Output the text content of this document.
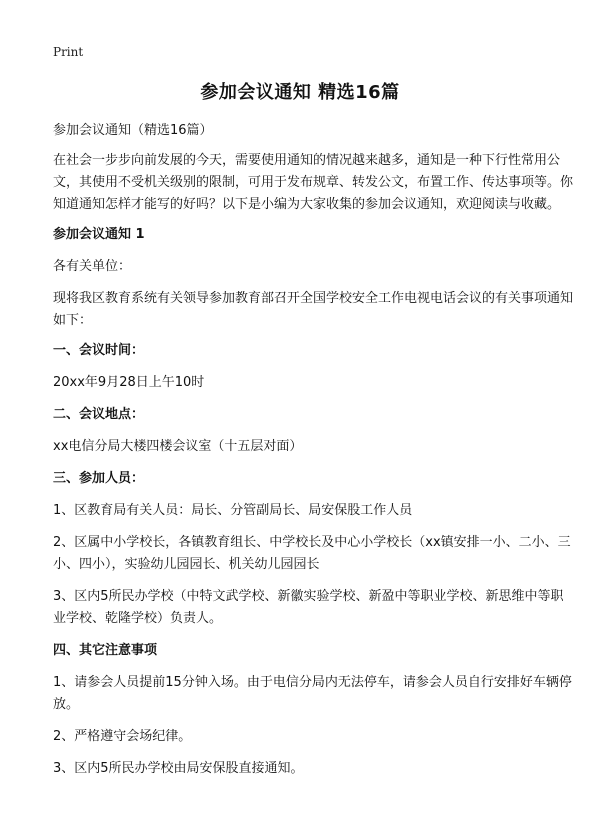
Print
参加会议通知 精选16篇

参加会议通知（精选16篇）

在社会一步步向前发展的今天，需要使用通知的情况越来越多，通知是一种下行性常用公文，其使用不受机关级别的限制，可用于发布规章、转发公文，布置工作、传达事项等。你知道通知怎样才能写的好吗？以下是小编为大家收集的参加会议通知，欢迎阅读与收藏。

参加会议通知 1

各有关单位：

现将我区教育系统有关领导参加教育部召开全国学校安全工作电视电话会议的有关事项通知如下：

一、会议时间：

20xx年9月28日上午10时

二、会议地点：

xx电信分局大楼四楼会议室（十五层对面）

三、参加人员：

1、区教育局有关人员：局长、分管副局长、局安保股工作人员

2、区属中小学校长，各镇教育组长、中学校长及中心小学校长（xx镇安排一小、二小、三小、四小），实验幼儿园园长、机关幼儿园园长

3、区内5所民办学校（中特文武学校、新徽实验学校、新盈中等职业学校、新思维中等职业学校、乾隆学校）负责人。

四、其它注意事项

1、请参会人员提前15分钟入场。由于电信分局内无法停车，请参会人员自行安排好车辆停放。

2、严格遵守会场纪律。

3、区内5所民办学校由局安保股直接通知。
